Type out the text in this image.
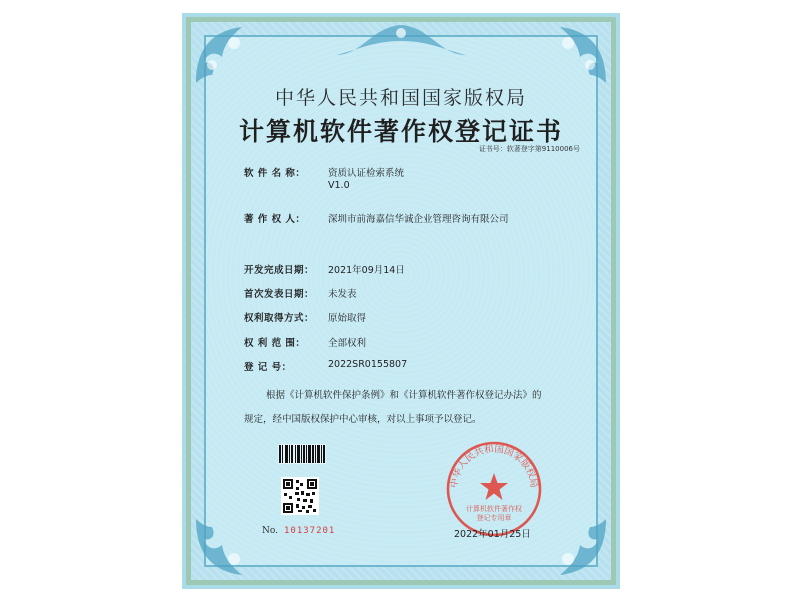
中华人民共和国国家版权局
计算机软件著作权登记证书
证书号：软著登字第9110006号
软 件 名 称：	资质认证检索系统
V1.0
著 作 权 人：	深圳市前海嘉信华诚企业管理咨询有限公司
开发完成日期：	2021年09月14日
首次发表日期：	未发表
权利取得方式：	原始取得
权 利 范 围：	全部权利
登 记 号：	2022SR0155807
根据《计算机软件保护条例》和《计算机软件著作权登记办法》的
规定，经中国版权保护中心审核，对以上事项予以登记。
No. 10137201
中华人民共和国国家版权局
计算机软件著作权
登记专用章
2022年01月25日
